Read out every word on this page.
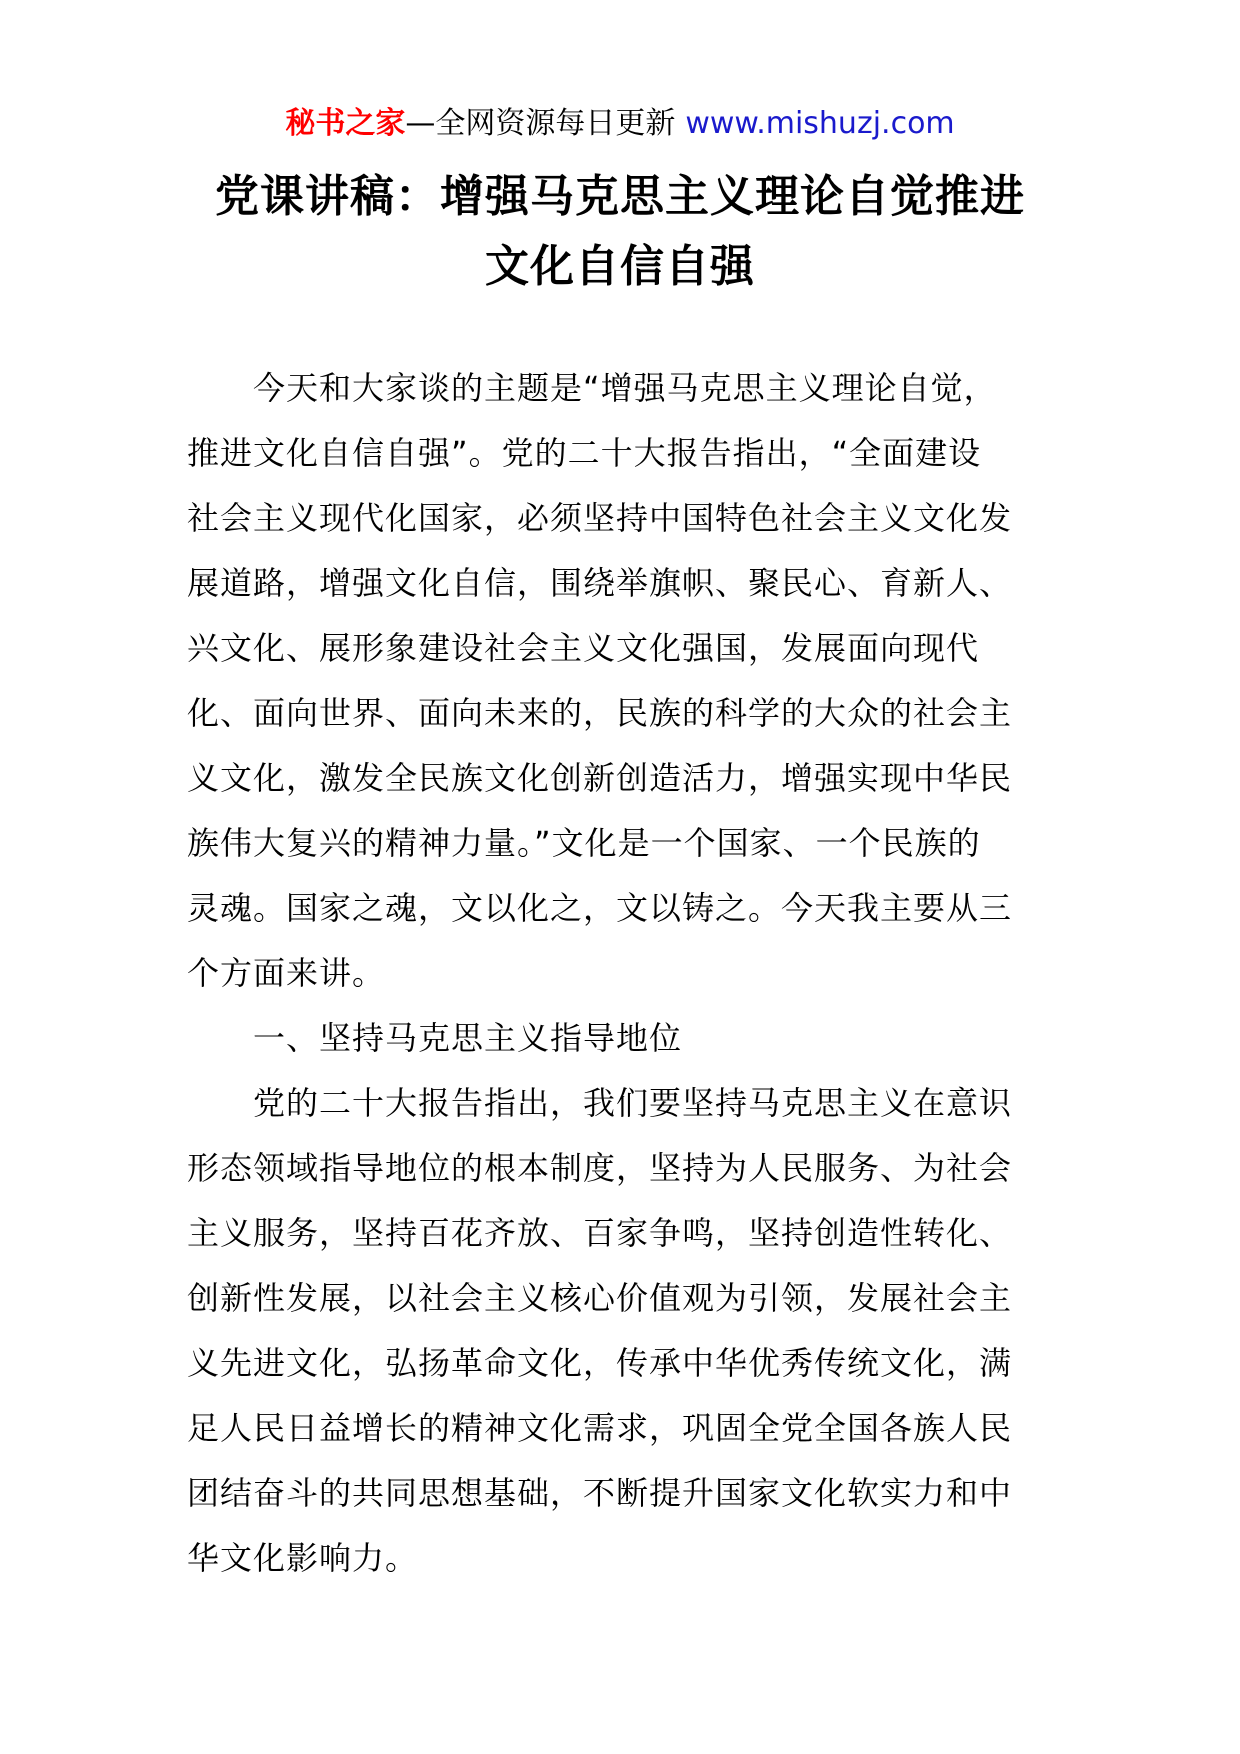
秘书之家—全网资源每日更新 www.mishuzj.com
党课讲稿：增强马克思主义理论自觉推进
文化自信自强
今天和大家谈的主题是“增强马克思主义理论自觉，
推进文化自信自强”。党的二十大报告指出，“全面建设
社会主义现代化国家，必须坚持中国特色社会主义文化发
展道路，增强文化自信，围绕举旗帜、聚民心、育新人、
兴文化、展形象建设社会主义文化强国，发展面向现代
化、面向世界、面向未来的，民族的科学的大众的社会主
义文化，激发全民族文化创新创造活力，增强实现中华民
族伟大复兴的精神力量。”文化是一个国家、一个民族的
灵魂。国家之魂，文以化之，文以铸之。今天我主要从三
个方面来讲。
一、坚持马克思主义指导地位
党的二十大报告指出，我们要坚持马克思主义在意识
形态领域指导地位的根本制度，坚持为人民服务、为社会
主义服务，坚持百花齐放、百家争鸣，坚持创造性转化、
创新性发展，以社会主义核心价值观为引领，发展社会主
义先进文化，弘扬革命文化，传承中华优秀传统文化，满
足人民日益增长的精神文化需求，巩固全党全国各族人民
团结奋斗的共同思想基础，不断提升国家文化软实力和中
华文化影响力。
